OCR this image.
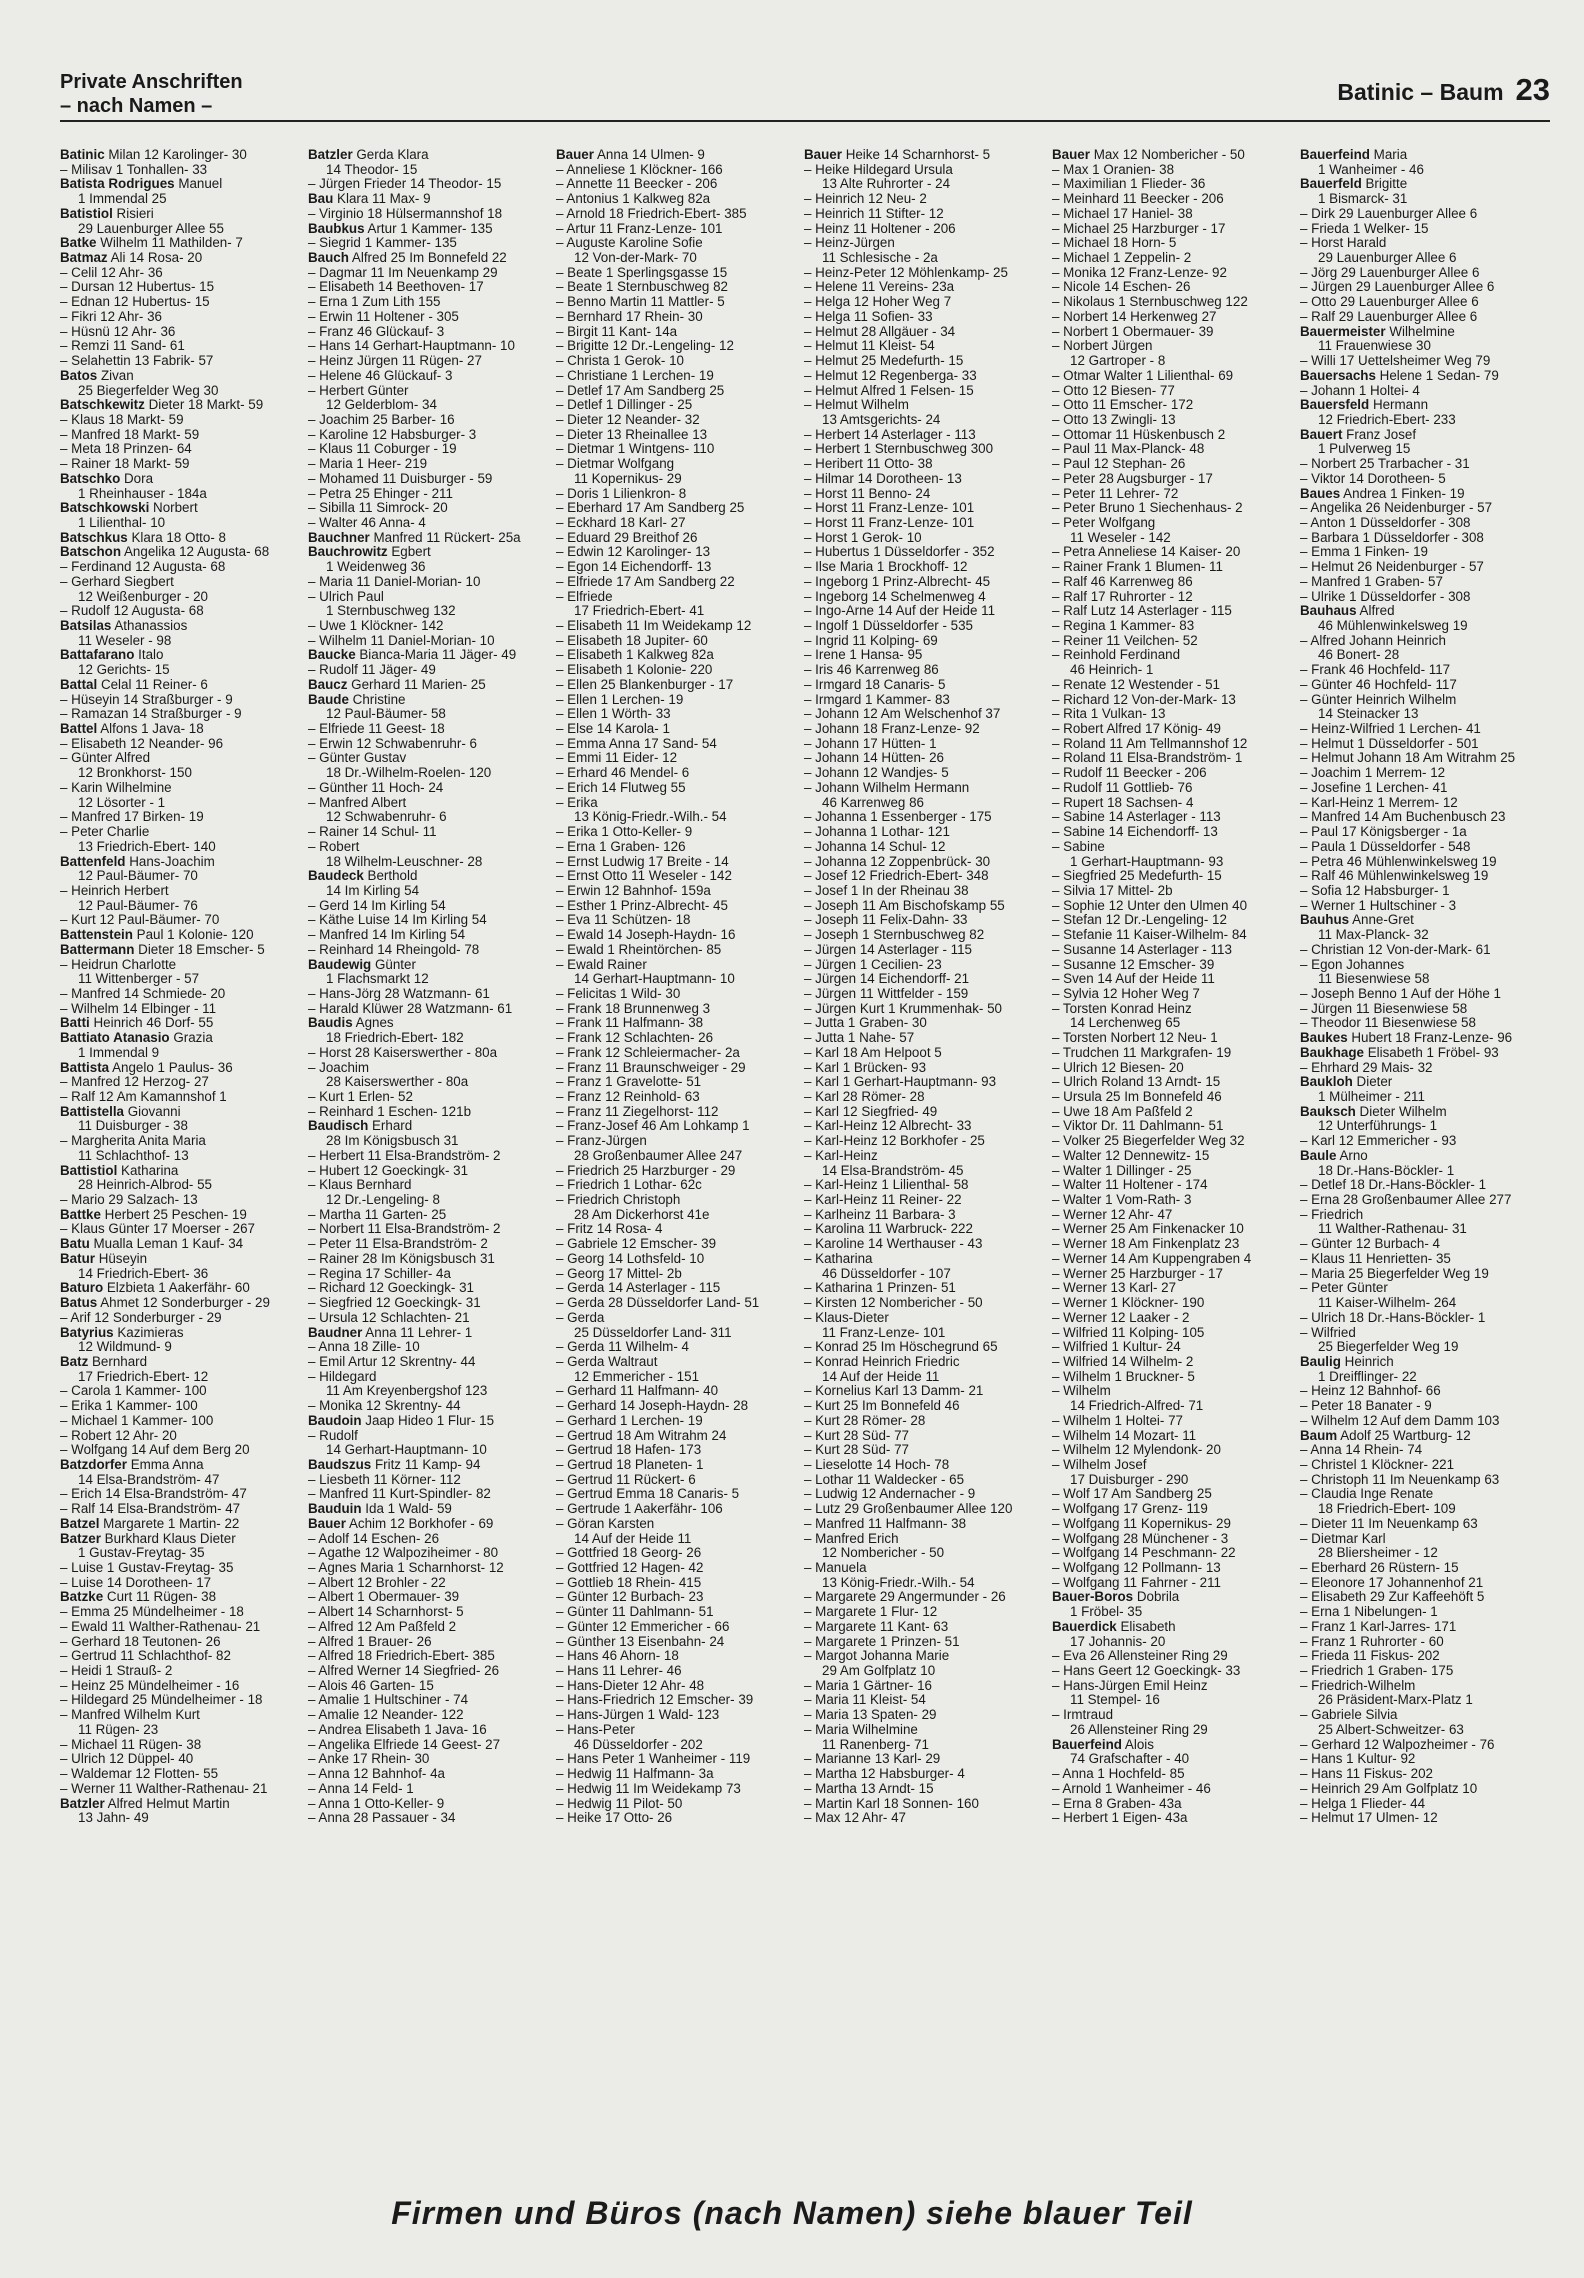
Private Anschriften
– nach Namen –
Batinic – Baum 23
Batinic Milan 12 Karolinger- 30
– Milisav 1 Tonhallen- 33
Batista Rodrigues Manuel
1 Immendal 25
Batistiol Risieri
29 Lauenburger Allee 55
Batke Wilhelm 11 Mathilden- 7
Batmaz Ali 14 Rosa- 20
– Celil 12 Ahr- 36
– Dursan 12 Hubertus- 15
– Ednan 12 Hubertus- 15
– Fikri 12 Ahr- 36
– Hüsnü 12 Ahr- 36
– Remzi 11 Sand- 61
– Selahettin 13 Fabrik- 57
Batos Zivan
25 Biegerfelder Weg 30
Batschkewitz Dieter 18 Markt- 59
– Klaus 18 Markt- 59
– Manfred 18 Markt- 59
– Meta 18 Prinzen- 64
– Rainer 18 Markt- 59
Batschko Dora
1 Rheinhauser - 184a
Batschkowski Norbert
1 Lilienthal- 10
Batschkus Klara 18 Otto- 8
Batschon Angelika 12 Augusta- 68
– Ferdinand 12 Augusta- 68
– Gerhard Siegbert
12 Weißenburger - 20
– Rudolf 12 Augusta- 68
Batsilas Athanassios
11 Weseler - 98
Battafarano Italo
12 Gerichts- 15
Battal Celal 11 Reiner- 6
– Hüseyin 14 Straßburger - 9
– Ramazan 14 Straßburger - 9
Battel Alfons 1 Java- 18
– Elisabeth 12 Neander- 96
– Günter Alfred
12 Bronkhorst- 150
– Karin Wilhelmine
12 Lösorter - 1
– Manfred 17 Birken- 19
– Peter Charlie
13 Friedrich-Ebert- 140
Battenfeld Hans-Joachim
12 Paul-Bäumer- 70
– Heinrich Herbert
12 Paul-Bäumer- 76
– Kurt 12 Paul-Bäumer- 70
Battenstein Paul 1 Kolonie- 120
Battermann Dieter 18 Emscher- 5
– Heidrun Charlotte
11 Wittenberger - 57
– Manfred 14 Schmiede- 20
– Wilhelm 14 Elbinger - 11
Batti Heinrich 46 Dorf- 55
Battiato Atanasio Grazia
1 Immendal 9
Battista Angelo 1 Paulus- 36
– Manfred 12 Herzog- 27
– Ralf 12 Am Kamannshof 1
Battistella Giovanni
11 Duisburger - 38
– Margherita Anita Maria
11 Schlachthof- 13
Battistiol Katharina
28 Heinrich-Albrod- 55
– Mario 29 Salzach- 13
Battke Herbert 25 Peschen- 19
– Klaus Günter 17 Moerser - 267
Batu Mualla Leman 1 Kauf- 34
Batur Hüseyin
14 Friedrich-Ebert- 36
Baturo Elzbieta 1 Aakerfähr- 60
Batus Ahmet 12 Sonderburger - 29
– Arif 12 Sonderburger - 29
Batyrius Kazimieras
12 Wildmund- 9
Batz Bernhard
17 Friedrich-Ebert- 12
– Carola 1 Kammer- 100
– Erika 1 Kammer- 100
– Michael 1 Kammer- 100
– Robert 12 Ahr- 20
– Wolfgang 14 Auf dem Berg 20
Batzdorfer Emma Anna
14 Elsa-Brandström- 47
– Erich 14 Elsa-Brandström- 47
– Ralf 14 Elsa-Brandström- 47
Batzel Margarete 1 Martin- 22
Batzer Burkhard Klaus Dieter
1 Gustav-Freytag- 35
– Luise 1 Gustav-Freytag- 35
– Luise 14 Dorotheen- 17
Batzke Curt 11 Rügen- 38
– Emma 25 Mündelheimer - 18
– Ewald 11 Walther-Rathenau- 21
– Gerhard 18 Teutonen- 26
– Gertrud 11 Schlachthof- 82
– Heidi 1 Strauß- 2
– Heinz 25 Mündelheimer - 16
– Hildegard 25 Mündelheimer - 18
– Manfred Wilhelm Kurt
11 Rügen- 23
– Michael 11 Rügen- 38
– Ulrich 12 Düppel- 40
– Waldemar 12 Flotten- 55
– Werner 11 Walther-Rathenau- 21
Batzler Alfred Helmut Martin
13 Jahn- 49
Batzler Gerda Klara
14 Theodor- 15
– Jürgen Frieder 14 Theodor- 15
Bau Klara 11 Max- 9
– Virginio 18 Hülsermannshof 18
Baubkus Artur 1 Kammer- 135
– Siegrid 1 Kammer- 135
Bauch Alfred 25 Im Bonnefeld 22
– Dagmar 11 Im Neuenkamp 29
– Elisabeth 14 Beethoven- 17
– Erna 1 Zum Lith 155
– Erwin 11 Holtener - 305
– Franz 46 Glückauf- 3
– Hans 14 Gerhart-Hauptmann- 10
– Heinz Jürgen 11 Rügen- 27
– Helene 46 Glückauf- 3
– Herbert Günter
12 Gelderblom- 34
– Joachim 25 Barber- 16
– Karoline 12 Habsburger- 3
– Klaus 11 Coburger - 19
– Maria 1 Heer- 219
– Mohamed 11 Duisburger - 59
– Petra 25 Ehinger - 211
– Sibilla 11 Simrock- 20
– Walter 46 Anna- 4
Bauchner Manfred 11 Rückert- 25a
Bauchrowitz Egbert
1 Weidenweg 36
– Maria 11 Daniel-Morian- 10
– Ulrich Paul
1 Sternbuschweg 132
– Uwe 1 Klöckner- 142
– Wilhelm 11 Daniel-Morian- 10
Baucke Bianca-Maria 11 Jäger- 49
– Rudolf 11 Jäger- 49
Baucz Gerhard 11 Marien- 25
Baude Christine
12 Paul-Bäumer- 58
– Elfriede 11 Geest- 18
– Erwin 12 Schwabenruhr- 6
– Günter Gustav
18 Dr.-Wilhelm-Roelen- 120
– Günther 11 Hoch- 24
– Manfred Albert
12 Schwabenruhr- 6
– Rainer 14 Schul- 11
– Robert
18 Wilhelm-Leuschner- 28
Baudeck Berthold
14 Im Kirling 54
– Gerd 14 Im Kirling 54
– Käthe Luise 14 Im Kirling 54
– Manfred 14 Im Kirling 54
– Reinhard 14 Rheingold- 78
Baudewig Günter
1 Flachsmarkt 12
– Hans-Jörg 28 Watzmann- 61
– Harald Klüwer 28 Watzmann- 61
Baudis Agnes
18 Friedrich-Ebert- 182
– Horst 28 Kaiserswerther - 80a
– Joachim
28 Kaiserswerther - 80a
– Kurt 1 Erlen- 52
– Reinhard 1 Eschen- 121b
Baudisch Erhard
28 Im Königsbusch 31
– Herbert 11 Elsa-Brandström- 2
– Hubert 12 Goeckingk- 31
– Klaus Bernhard
12 Dr.-Lengeling- 8
– Martha 11 Garten- 25
– Norbert 11 Elsa-Brandström- 2
– Peter 11 Elsa-Brandström- 2
– Rainer 28 Im Königsbusch 31
– Regina 17 Schiller- 4a
– Richard 12 Goeckingk- 31
– Siegfried 12 Goeckingk- 31
– Ursula 12 Schlachten- 21
Baudner Anna 11 Lehrer- 1
– Anna 18 Zille- 10
– Emil Artur 12 Skrentny- 44
– Hildegard
11 Am Kreyenbergshof 123
– Monika 12 Skrentny- 44
Baudoin Jaap Hideo 1 Flur- 15
– Rudolf
14 Gerhart-Hauptmann- 10
Baudszus Fritz 11 Kamp- 94
– Liesbeth 11 Körner- 112
– Manfred 11 Kurt-Spindler- 82
Bauduin Ida 1 Wald- 59
Bauer Achim 12 Borkhofer - 69
– Adolf 14 Eschen- 26
– Agathe 12 Walpoziheimer - 80
– Agnes Maria 1 Scharnhorst- 12
– Albert 12 Brohler - 22
– Albert 1 Obermauer- 39
– Albert 14 Scharnhorst- 5
– Alfred 12 Am Paßfeld 2
– Alfred 1 Brauer- 26
– Alfred 18 Friedrich-Ebert- 385
– Alfred Werner 14 Siegfried- 26
– Alois 46 Garten- 15
– Amalie 1 Hultschiner - 74
– Amalie 12 Neander- 122
– Andrea Elisabeth 1 Java- 16
– Angelika Elfriede 14 Geest- 27
– Anke 17 Rhein- 30
– Anna 12 Bahnhof- 4a
– Anna 14 Feld- 1
– Anna 1 Otto-Keller- 9
– Anna 28 Passauer - 34
Bauer Anna 14 Ulmen- 9
– Anneliese 1 Klöckner- 166
– Annette 11 Beecker - 206
– Antonius 1 Kalkweg 82a
– Arnold 18 Friedrich-Ebert- 385
– Artur 11 Franz-Lenze- 101
– Auguste Karoline Sofie
12 Von-der-Mark- 70
– Beate 1 Sperlingsgasse 15
– Beate 1 Sternbuschweg 82
– Benno Martin 11 Mattler- 5
– Bernhard 17 Rhein- 30
– Birgit 11 Kant- 14a
– Brigitte 12 Dr.-Lengeling- 12
– Christa 1 Gerok- 10
– Christiane 1 Lerchen- 19
– Detlef 17 Am Sandberg 25
– Detlef 1 Dillinger - 25
– Dieter 12 Neander- 32
– Dieter 13 Rheinallee 13
– Dietmar 1 Wintgens- 110
– Dietmar Wolfgang
11 Kopernikus- 29
– Doris 1 Lilienkron- 8
– Eberhard 17 Am Sandberg 25
– Eckhard 18 Karl- 27
– Eduard 29 Breithof 26
– Edwin 12 Karolinger- 13
– Egon 14 Eichendorff- 13
– Elfriede 17 Am Sandberg 22
– Elfriede
17 Friedrich-Ebert- 41
– Elisabeth 11 Im Weidekamp 12
– Elisabeth 18 Jupiter- 60
– Elisabeth 1 Kalkweg 82a
– Elisabeth 1 Kolonie- 220
– Ellen 25 Blankenburger - 17
– Ellen 1 Lerchen- 19
– Ellen 1 Wörth- 33
– Else 14 Karola- 1
– Emma Anna 17 Sand- 54
– Emmi 11 Eider- 12
– Erhard 46 Mendel- 6
– Erich 14 Flutweg 55
– Erika
13 König-Friedr.-Wilh.- 54
– Erika 1 Otto-Keller- 9
– Erna 1 Graben- 126
– Ernst Ludwig 17 Breite - 14
– Ernst Otto 11 Weseler - 142
– Erwin 12 Bahnhof- 159a
– Esther 1 Prinz-Albrecht- 45
– Eva 11 Schützen- 18
– Ewald 14 Joseph-Haydn- 16
– Ewald 1 Rheintörchen- 85
– Ewald Rainer
14 Gerhart-Hauptmann- 10
– Felicitas 1 Wild- 30
– Frank 18 Brunnenweg 3
– Frank 11 Halfmann- 38
– Frank 12 Schlachten- 26
– Frank 12 Schleiermacher- 2a
– Franz 11 Braunschweiger - 29
– Franz 1 Gravelotte- 51
– Franz 12 Reinhold- 63
– Franz 11 Ziegelhorst- 112
– Franz-Josef 46 Am Lohkamp 1
– Franz-Jürgen
28 Großenbaumer Allee 247
– Friedrich 25 Harzburger - 29
– Friedrich 1 Lothar- 62c
– Friedrich Christoph
28 Am Dickerhorst 41e
– Fritz 14 Rosa- 4
– Gabriele 12 Emscher- 39
– Georg 14 Lothsfeld- 10
– Georg 17 Mittel- 2b
– Gerda 14 Asterlager - 115
– Gerda 28 Düsseldorfer Land- 51
– Gerda
25 Düsseldorfer Land- 311
– Gerda 11 Wilhelm- 4
– Gerda Waltraut
12 Emmericher - 151
– Gerhard 11 Halfmann- 40
– Gerhard 14 Joseph-Haydn- 28
– Gerhard 1 Lerchen- 19
– Gertrud 18 Am Witrahm 24
– Gertrud 18 Hafen- 173
– Gertrud 18 Planeten- 1
– Gertrud 11 Rückert- 6
– Gertrud Emma 18 Canaris- 5
– Gertrude 1 Aakerfähr- 106
– Göran Karsten
14 Auf der Heide 11
– Gottfried 18 Georg- 26
– Gottfried 12 Hagen- 42
– Gottlieb 18 Rhein- 415
– Günter 12 Burbach- 23
– Günter 11 Dahlmann- 51
– Günter 12 Emmericher - 66
– Günther 13 Eisenbahn- 24
– Hans 46 Ahorn- 18
– Hans 11 Lehrer- 46
– Hans-Dieter 12 Ahr- 48
– Hans-Friedrich 12 Emscher- 39
– Hans-Jürgen 1 Wald- 123
– Hans-Peter
46 Düsseldorfer - 202
– Hans Peter 1 Wanheimer - 119
– Hedwig 11 Halfmann- 3a
– Hedwig 11 Im Weidekamp 73
– Hedwig 11 Pilot- 50
– Heike 17 Otto- 26
Bauer Heike 14 Scharnhorst- 5
– Heike Hildegard Ursula
13 Alte Ruhrorter - 24
– Heinrich 12 Neu- 2
– Heinrich 11 Stifter- 12
– Heinz 11 Holtener - 206
– Heinz-Jürgen
11 Schlesische - 2a
– Heinz-Peter 12 Möhlenkamp- 25
– Helene 11 Vereins- 23a
– Helga 12 Hoher Weg 7
– Helga 11 Sofien- 33
– Helmut 28 Allgäuer - 34
– Helmut 11 Kleist- 54
– Helmut 25 Medefurth- 15
– Helmut 12 Regenberga- 33
– Helmut Alfred 1 Felsen- 15
– Helmut Wilhelm
13 Amtsgerichts- 24
– Herbert 14 Asterlager - 113
– Herbert 1 Sternbuschweg 300
– Heribert 11 Otto- 38
– Hilmar 14 Dorotheen- 13
– Horst 11 Benno- 24
– Horst 11 Franz-Lenze- 101
– Horst 11 Franz-Lenze- 101
– Horst 1 Gerok- 10
– Hubertus 1 Düsseldorfer - 352
– Ilse Maria 1 Brockhoff- 12
– Ingeborg 1 Prinz-Albrecht- 45
– Ingeborg 14 Schelmenweg 4
– Ingo-Arne 14 Auf der Heide 11
– Ingolf 1 Düsseldorfer - 535
– Ingrid 11 Kolping- 69
– Irene 1 Hansa- 95
– Iris 46 Karrenweg 86
– Irmgard 18 Canaris- 5
– Irmgard 1 Kammer- 83
– Johann 12 Am Welschenhof 37
– Johann 18 Franz-Lenze- 92
– Johann 17 Hütten- 1
– Johann 14 Hütten- 26
– Johann 12 Wandjes- 5
– Johann Wilhelm Hermann
46 Karrenweg 86
– Johanna 1 Essenberger - 175
– Johanna 1 Lothar- 121
– Johanna 14 Schul- 12
– Johanna 12 Zoppenbrück- 30
– Josef 12 Friedrich-Ebert- 348
– Josef 1 In der Rheinau 38
– Joseph 11 Am Bischofskamp 55
– Joseph 11 Felix-Dahn- 33
– Joseph 1 Sternbuschweg 82
– Jürgen 14 Asterlager - 115
– Jürgen 1 Cecilien- 23
– Jürgen 14 Eichendorff- 21
– Jürgen 11 Wittfelder - 159
– Jürgen Kurt 1 Krummenhak- 50
– Jutta 1 Graben- 30
– Jutta 1 Nahe- 57
– Karl 18 Am Helpoot 5
– Karl 1 Brücken- 93
– Karl 1 Gerhart-Hauptmann- 93
– Karl 28 Römer- 28
– Karl 12 Siegfried- 49
– Karl-Heinz 12 Albrecht- 33
– Karl-Heinz 12 Borkhofer - 25
– Karl-Heinz
14 Elsa-Brandström- 45
– Karl-Heinz 1 Lilienthal- 58
– Karl-Heinz 11 Reiner- 22
– Karlheinz 11 Barbara- 3
– Karolina 11 Warbruck- 222
– Karoline 14 Werthauser - 43
– Katharina
46 Düsseldorfer - 107
– Katharina 1 Prinzen- 51
– Kirsten 12 Nombericher - 50
– Klaus-Dieter
11 Franz-Lenze- 101
– Konrad 25 Im Höschegrund 65
– Konrad Heinrich Friedric
14 Auf der Heide 11
– Kornelius Karl 13 Damm- 21
– Kurt 25 Im Bonnefeld 46
– Kurt 28 Römer- 28
– Kurt 28 Süd- 77
– Kurt 28 Süd- 77
– Lieselotte 14 Hoch- 78
– Lothar 11 Waldecker - 65
– Ludwig 12 Andernacher - 9
– Lutz 29 Großenbaumer Allee 120
– Manfred 11 Halfmann- 38
– Manfred Erich
12 Nombericher - 50
– Manuela
13 König-Friedr.-Wilh.- 54
– Margarete 29 Angermunder - 26
– Margarete 1 Flur- 12
– Margarete 11 Kant- 63
– Margarete 1 Prinzen- 51
– Margot Johanna Marie
29 Am Golfplatz 10
– Maria 1 Gärtner- 16
– Maria 11 Kleist- 54
– Maria 13 Spaten- 29
– Maria Wilhelmine
11 Ranenberg- 71
– Marianne 13 Karl- 29
– Martha 12 Habsburger- 4
– Martha 13 Arndt- 15
– Martin Karl 18 Sonnen- 160
– Max 12 Ahr- 47
Bauer Max 12 Nombericher - 50
– Max 1 Oranien- 38
– Maximilian 1 Flieder- 36
– Meinhard 11 Beecker - 206
– Michael 17 Haniel- 38
– Michael 25 Harzburger - 17
– Michael 18 Horn- 5
– Michael 1 Zeppelin- 2
– Monika 12 Franz-Lenze- 92
– Nicole 14 Eschen- 26
– Nikolaus 1 Sternbuschweg 122
– Norbert 14 Herkenweg 27
– Norbert 1 Obermauer- 39
– Norbert Jürgen
12 Gartroper - 8
– Otmar Walter 1 Lilienthal- 69
– Otto 12 Biesen- 77
– Otto 11 Emscher- 172
– Otto 13 Zwingli- 13
– Ottomar 11 Hüskenbusch 2
– Paul 11 Max-Planck- 48
– Paul 12 Stephan- 26
– Peter 28 Augsburger - 17
– Peter 11 Lehrer- 72
– Peter Bruno 1 Siechenhaus- 2
– Peter Wolfgang
11 Weseler - 142
– Petra Anneliese 14 Kaiser- 20
– Rainer Frank 1 Blumen- 11
– Ralf 46 Karrenweg 86
– Ralf 17 Ruhrorter - 12
– Ralf Lutz 14 Asterlager - 115
– Regina 1 Kammer- 83
– Reiner 11 Veilchen- 52
– Reinhold Ferdinand
46 Heinrich- 1
– Renate 12 Westender - 51
– Richard 12 Von-der-Mark- 13
– Rita 1 Vulkan- 13
– Robert Alfred 17 König- 49
– Roland 11 Am Tellmannshof 12
– Roland 11 Elsa-Brandström- 1
– Rudolf 11 Beecker - 206
– Rudolf 11 Gottlieb- 76
– Rupert 18 Sachsen- 4
– Sabine 14 Asterlager - 113
– Sabine 14 Eichendorff- 13
– Sabine
1 Gerhart-Hauptmann- 93
– Siegfried 25 Medefurth- 15
– Silvia 17 Mittel- 2b
– Sophie 12 Unter den Ulmen 40
– Stefan 12 Dr.-Lengeling- 12
– Stefanie 11 Kaiser-Wilhelm- 84
– Susanne 14 Asterlager - 113
– Susanne 12 Emscher- 39
– Sven 14 Auf der Heide 11
– Sylvia 12 Hoher Weg 7
– Torsten Konrad Heinz
14 Lerchenweg 65
– Torsten Norbert 12 Neu- 1
– Trudchen 11 Markgrafen- 19
– Ulrich 12 Biesen- 20
– Ulrich Roland 13 Arndt- 15
– Ursula 25 Im Bonnefeld 46
– Uwe 18 Am Paßfeld 2
– Viktor Dr. 11 Dahlmann- 51
– Volker 25 Biegerfelder Weg 32
– Walter 12 Dennewitz- 15
– Walter 1 Dillinger - 25
– Walter 11 Holtener - 174
– Walter 1 Vom-Rath- 3
– Werner 12 Ahr- 47
– Werner 25 Am Finkenacker 10
– Werner 18 Am Finkenplatz 23
– Werner 14 Am Kuppengraben 4
– Werner 25 Harzburger - 17
– Werner 13 Karl- 27
– Werner 1 Klöckner- 190
– Werner 12 Laaker - 2
– Wilfried 11 Kolping- 105
– Wilfried 1 Kultur- 24
– Wilfried 14 Wilhelm- 2
– Wilhelm 1 Bruckner- 5
– Wilhelm
14 Friedrich-Alfred- 71
– Wilhelm 1 Holtei- 77
– Wilhelm 14 Mozart- 11
– Wilhelm 12 Mylendonk- 20
– Wilhelm Josef
17 Duisburger - 290
– Wolf 17 Am Sandberg 25
– Wolfgang 17 Grenz- 119
– Wolfgang 11 Kopernikus- 29
– Wolfgang 28 Münchener - 3
– Wolfgang 14 Peschmann- 22
– Wolfgang 12 Pollmann- 13
– Wolfgang 11 Fahrner - 211
Bauer-Boros Dobrila
1 Fröbel- 35
Bauerdick Elisabeth
17 Johannis- 20
– Eva 26 Allensteiner Ring 29
– Hans Geert 12 Goeckingk- 33
– Hans-Jürgen Emil Heinz
11 Stempel- 16
– Irmtraud
26 Allensteiner Ring 29
Bauerfeind Alois
74 Grafschafter - 40
– Anna 1 Hochfeld- 85
– Arnold 1 Wanheimer - 46
– Erna 8 Graben- 43a
– Herbert 1 Eigen- 43a
Bauerfeind Maria
1 Wanheimer - 46
Bauerfeld Brigitte
1 Bismarck- 31
– Dirk 29 Lauenburger Allee 6
– Frieda 1 Welker- 15
– Horst Harald
29 Lauenburger Allee 6
– Jörg 29 Lauenburger Allee 6
– Jürgen 29 Lauenburger Allee 6
– Otto 29 Lauenburger Allee 6
– Ralf 29 Lauenburger Allee 6
Bauermeister Wilhelmine
11 Frauenwiese 30
– Willi 17 Uettelsheimer Weg 79
Bauersachs Helene 1 Sedan- 79
– Johann 1 Holtei- 4
Bauersfeld Hermann
12 Friedrich-Ebert- 233
Bauert Franz Josef
1 Pulverweg 15
– Norbert 25 Trarbacher - 31
– Viktor 14 Dorotheen- 5
Baues Andrea 1 Finken- 19
– Angelika 26 Neidenburger - 57
– Anton 1 Düsseldorfer - 308
– Barbara 1 Düsseldorfer - 308
– Emma 1 Finken- 19
– Helmut 26 Neidenburger - 57
– Manfred 1 Graben- 57
– Ulrike 1 Düsseldorfer - 308
Bauhaus Alfred
46 Mühlenwinkelsweg 19
– Alfred Johann Heinrich
46 Bonert- 28
– Frank 46 Hochfeld- 117
– Günter 46 Hochfeld- 117
– Günter Heinrich Wilhelm
14 Steinacker 13
– Heinz-Wilfried 1 Lerchen- 41
– Helmut 1 Düsseldorfer - 501
– Helmut Johann 18 Am Witrahm 25
– Joachim 1 Merrem- 12
– Josefine 1 Lerchen- 41
– Karl-Heinz 1 Merrem- 12
– Manfred 14 Am Buchenbusch 23
– Paul 17 Königsberger - 1a
– Paula 1 Düsseldorfer - 548
– Petra 46 Mühlenwinkelsweg 19
– Ralf 46 Mühlenwinkelsweg 19
– Sofia 12 Habsburger- 1
– Werner 1 Hultschiner - 3
Bauhus Anne-Gret
11 Max-Planck- 32
– Christian 12 Von-der-Mark- 61
– Egon Johannes
11 Biesenwiese 58
– Joseph Benno 1 Auf der Höhe 1
– Jürgen 11 Biesenwiese 58
– Theodor 11 Biesenwiese 58
Baukes Hubert 18 Franz-Lenze- 96
Baukhage Elisabeth 1 Fröbel- 93
– Ehrhard 29 Mais- 32
Baukloh Dieter
1 Mülheimer - 211
Bauksch Dieter Wilhelm
12 Unterführungs- 1
– Karl 12 Emmericher - 93
Baule Arno
18 Dr.-Hans-Böckler- 1
– Detlef 18 Dr.-Hans-Böckler- 1
– Erna 28 Großenbaumer Allee 277
– Friedrich
11 Walther-Rathenau- 31
– Günter 12 Burbach- 4
– Klaus 11 Henrietten- 35
– Maria 25 Biegerfelder Weg 19
– Peter Günter
11 Kaiser-Wilhelm- 264
– Ulrich 18 Dr.-Hans-Böckler- 1
– Wilfried
25 Biegerfelder Weg 19
Baulig Heinrich
1 Dreifflinger- 22
– Heinz 12 Bahnhof- 66
– Peter 18 Banater - 9
– Wilhelm 12 Auf dem Damm 103
Baum Adolf 25 Wartburg- 12
– Anna 14 Rhein- 74
– Christel 1 Klöckner- 221
– Christoph 11 Im Neuenkamp 63
– Claudia Inge Renate
18 Friedrich-Ebert- 109
– Dieter 11 Im Neuenkamp 63
– Dietmar Karl
28 Bliersheimer - 12
– Eberhard 26 Rüstern- 15
– Eleonore 17 Johannenhof 21
– Elisabeth 29 Zur Kaffeehöft 5
– Erna 1 Nibelungen- 1
– Franz 1 Karl-Jarres- 171
– Franz 1 Ruhrorter - 60
– Frieda 11 Fiskus- 202
– Friedrich 1 Graben- 175
– Friedrich-Wilhelm
26 Präsident-Marx-Platz 1
– Gabriele Silvia
25 Albert-Schweitzer- 63
– Gerhard 12 Walpozheimer - 76
– Hans 1 Kultur- 92
– Hans 11 Fiskus- 202
– Heinrich 29 Am Golfplatz 10
– Helga 1 Flieder- 44
– Helmut 17 Ulmen- 12
Firmen und Büros (nach Namen) siehe blauer Teil
